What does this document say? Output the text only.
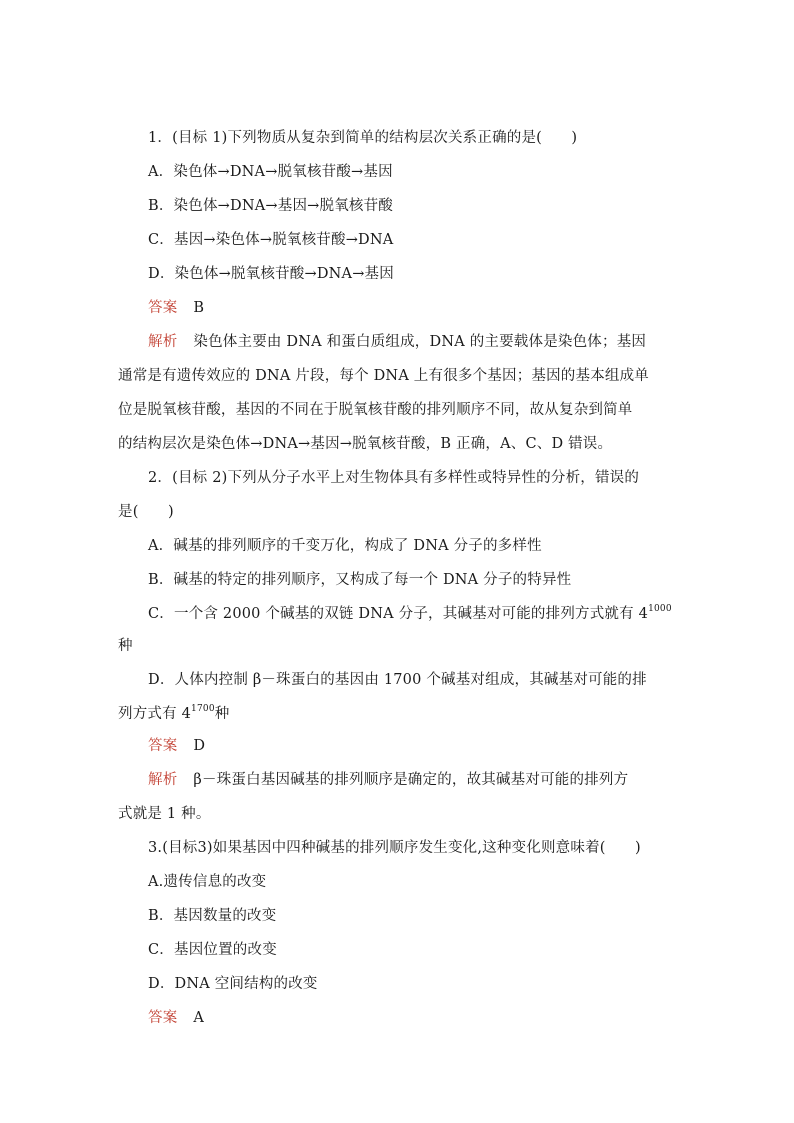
1．(目标 1)下列物质从复杂到简单的结构层次关系正确的是(　　)
A．染色体→DNA→脱氧核苷酸→基因
B．染色体→DNA→基因→脱氧核苷酸
C．基因→染色体→脱氧核苷酸→DNA
D．染色体→脱氧核苷酸→DNA→基因
答案 B
解析 染色体主要由 DNA 和蛋白质组成，DNA 的主要载体是染色体；基因
通常是有遗传效应的 DNA 片段，每个 DNA 上有很多个基因；基因的基本组成单
位是脱氧核苷酸，基因的不同在于脱氧核苷酸的排列顺序不同，故从复杂到简单
的结构层次是染色体→DNA→基因→脱氧核苷酸，B 正确，A、C、D 错误。
2．(目标 2)下列从分子水平上对生物体具有多样性或特异性的分析，错误的
是(　　)
A．碱基的排列顺序的千变万化，构成了 DNA 分子的多样性
B．碱基的特定的排列顺序，又构成了每一个 DNA 分子的特异性
C．一个含 2000 个碱基的双链 DNA 分子，其碱基对可能的排列方式就有 $4^{1000}$
种
D．人体内控制 β－珠蛋白的基因由 1700 个碱基对组成，其碱基对可能的排
列方式有 $4^{1700}$种
答案 D
解析 β－珠蛋白基因碱基的排列顺序是确定的，故其碱基对可能的排列方
式就是 1 种。
3.(目标3)如果基因中四种碱基的排列顺序发生变化,这种变化则意味着(　　)
A.遗传信息的改变
B．基因数量的改变
C．基因位置的改变
D．DNA 空间结构的改变
答案 A
